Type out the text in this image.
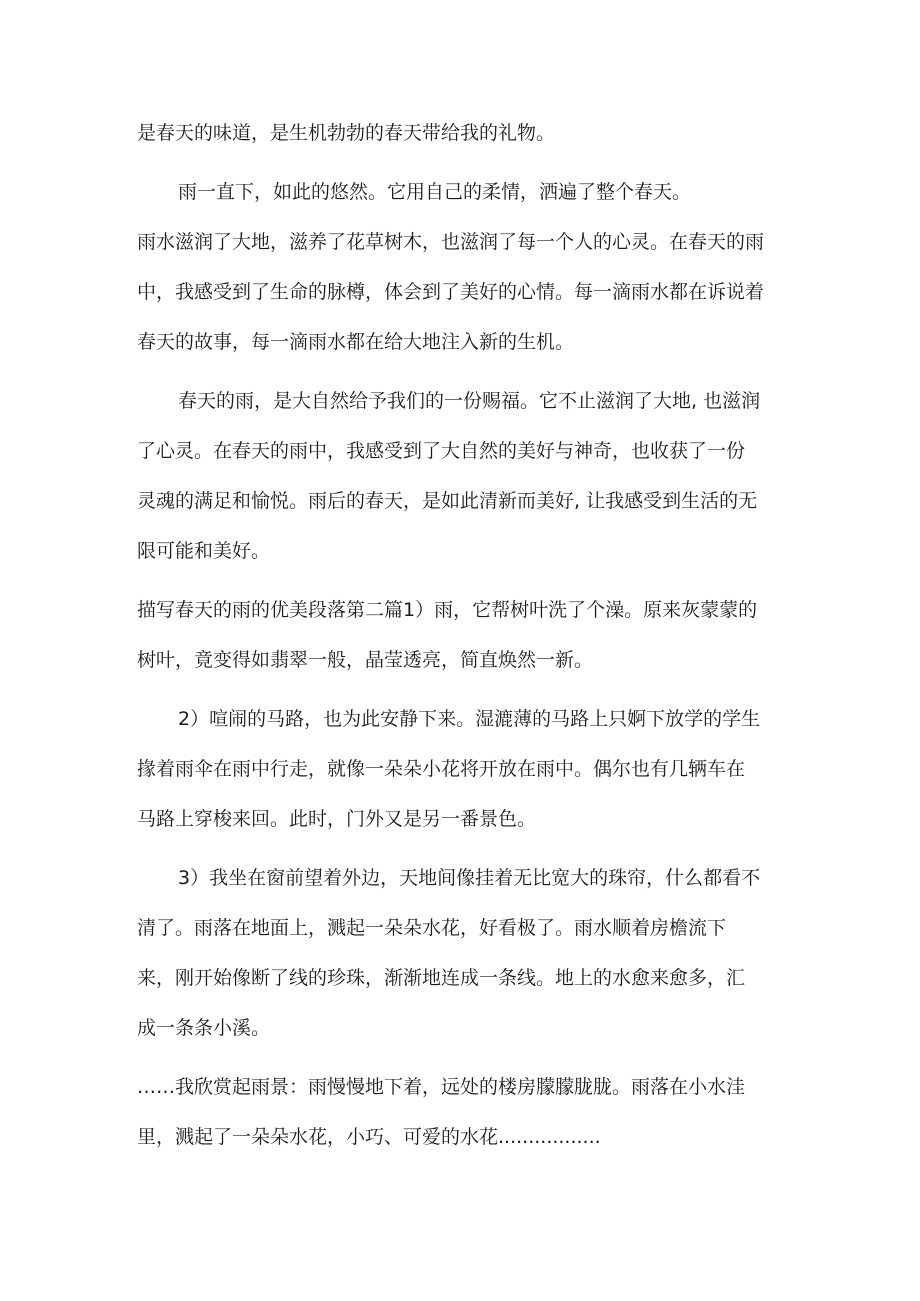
是春天的味道，是生机勃勃的春天带给我的礼物。
雨一直下，如此的悠然。它用自己的柔情，洒遍了整个春天。
雨水滋润了大地，滋养了花草树木，也滋润了每一个人的心灵。在春天的雨
中，我感受到了生命的脉樽，体会到了美好的心情。每一滴雨水都在诉说着
春天的故事，每一滴雨水都在给大地注入新的生机。
春天的雨，是大自然给予我们的一份赐福。它不止滋润了大地, 也滋润
了心灵。在春天的雨中，我感受到了大自然的美好与神奇，也收获了一份
灵魂的满足和愉悦。雨后的春天，是如此清新而美好, 让我感受到生活的无
限可能和美好。
描写春天的雨的优美段落第二篇1）雨，它帮树叶洗了个澡。原来灰蒙蒙的
树叶，竟变得如翡翠一般，晶莹透亮，简直焕然一新。
2）喧闹的马路，也为此安静下来。湿漉薄的马路上只婀下放学的学生
掾着雨伞在雨中行走，就像一朵朵小花将开放在雨中。偶尔也有几辆车在
马路上穿梭来回。此时，门外又是另一番景色。
3）我坐在窗前望着外边，天地间像挂着无比宽大的珠帘，什么都看不
清了。雨落在地面上，溅起一朵朵水花，好看极了。雨水顺着房檐流下
来，刚开始像断了线的珍珠，渐渐地连成一条线。地上的水愈来愈多，汇
成一条条小溪。
……我欣赏起雨景：雨慢慢地下着，远处的楼房朦朦胧胧。雨落在小水洼
里，溅起了一朵朵水花，小巧、可爱的水花.................
